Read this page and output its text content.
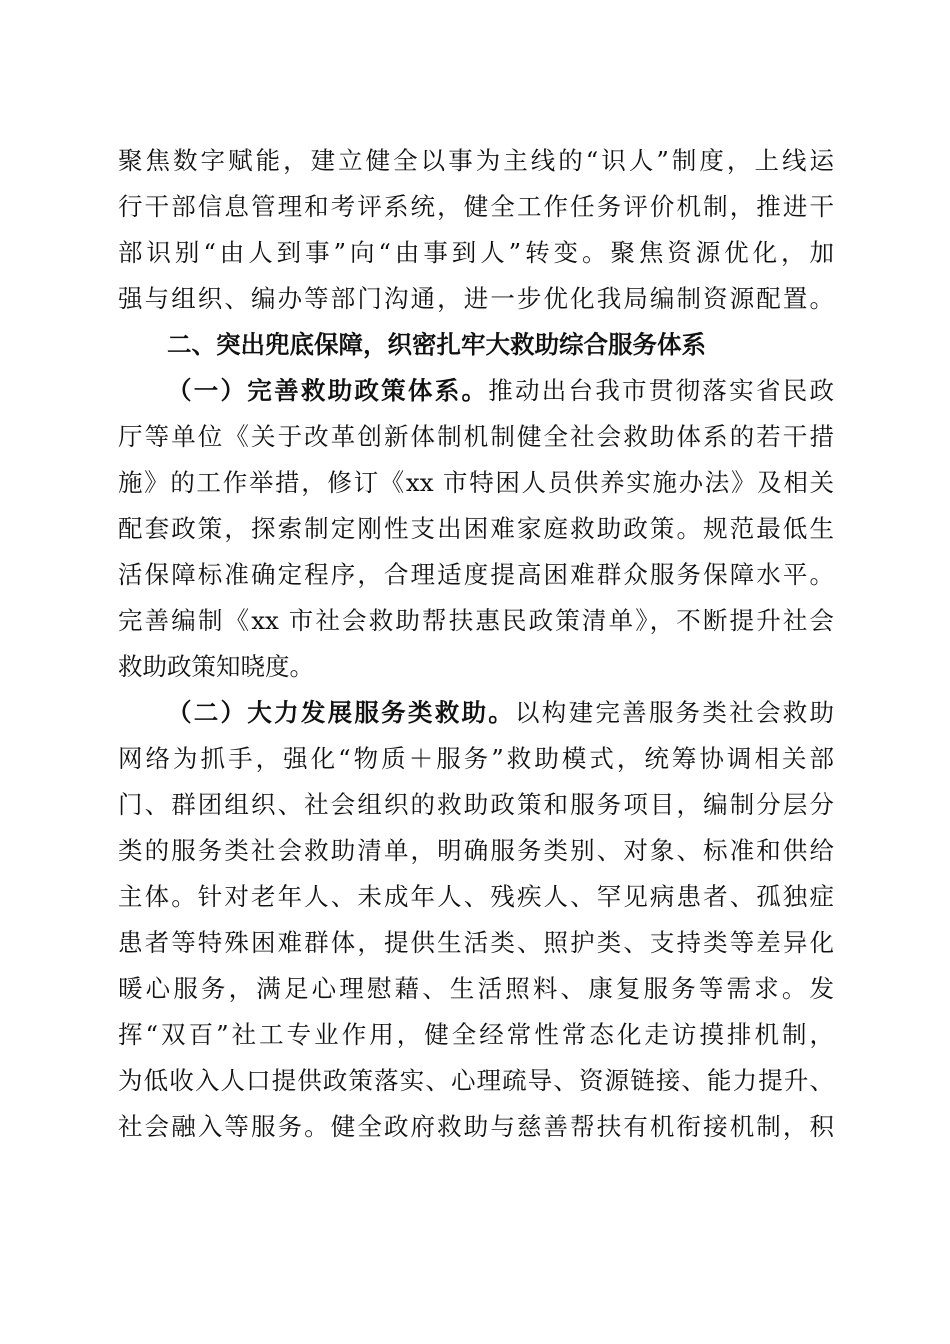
聚焦数字赋能，建立健全以事为主线的“识人”制度，上线运
行干部信息管理和考评系统，健全工作任务评价机制，推进干
部识别“由人到事”向“由事到人”转变。聚焦资源优化，加
强与组织、编办等部门沟通，进一步优化我局编制资源配置。
二、突出兜底保障，织密扎牢大救助综合服务体系
（一）完善救助政策体系。推动出台我市贯彻落实省民政
厅等单位《关于改革创新体制机制健全社会救助体系的若干措
施》的工作举措，修订《xx 市特困人员供养实施办法》及相关
配套政策，探索制定刚性支出困难家庭救助政策。规范最低生
活保障标准确定程序，合理适度提高困难群众服务保障水平。
完善编制《xx 市社会救助帮扶惠民政策清单》，不断提升社会
救助政策知晓度。
（二）大力发展服务类救助。以构建完善服务类社会救助
网络为抓手，强化“物质＋服务”救助模式，统筹协调相关部
门、群团组织、社会组织的救助政策和服务项目，编制分层分
类的服务类社会救助清单，明确服务类别、对象、标准和供给
主体。针对老年人、未成年人、残疾人、罕见病患者、孤独症
患者等特殊困难群体，提供生活类、照护类、支持类等差异化
暖心服务，满足心理慰藉、生活照料、康复服务等需求。发
挥“双百”社工专业作用，健全经常性常态化走访摸排机制，
为低收入人口提供政策落实、心理疏导、资源链接、能力提升、
社会融入等服务。健全政府救助与慈善帮扶有机衔接机制，积
